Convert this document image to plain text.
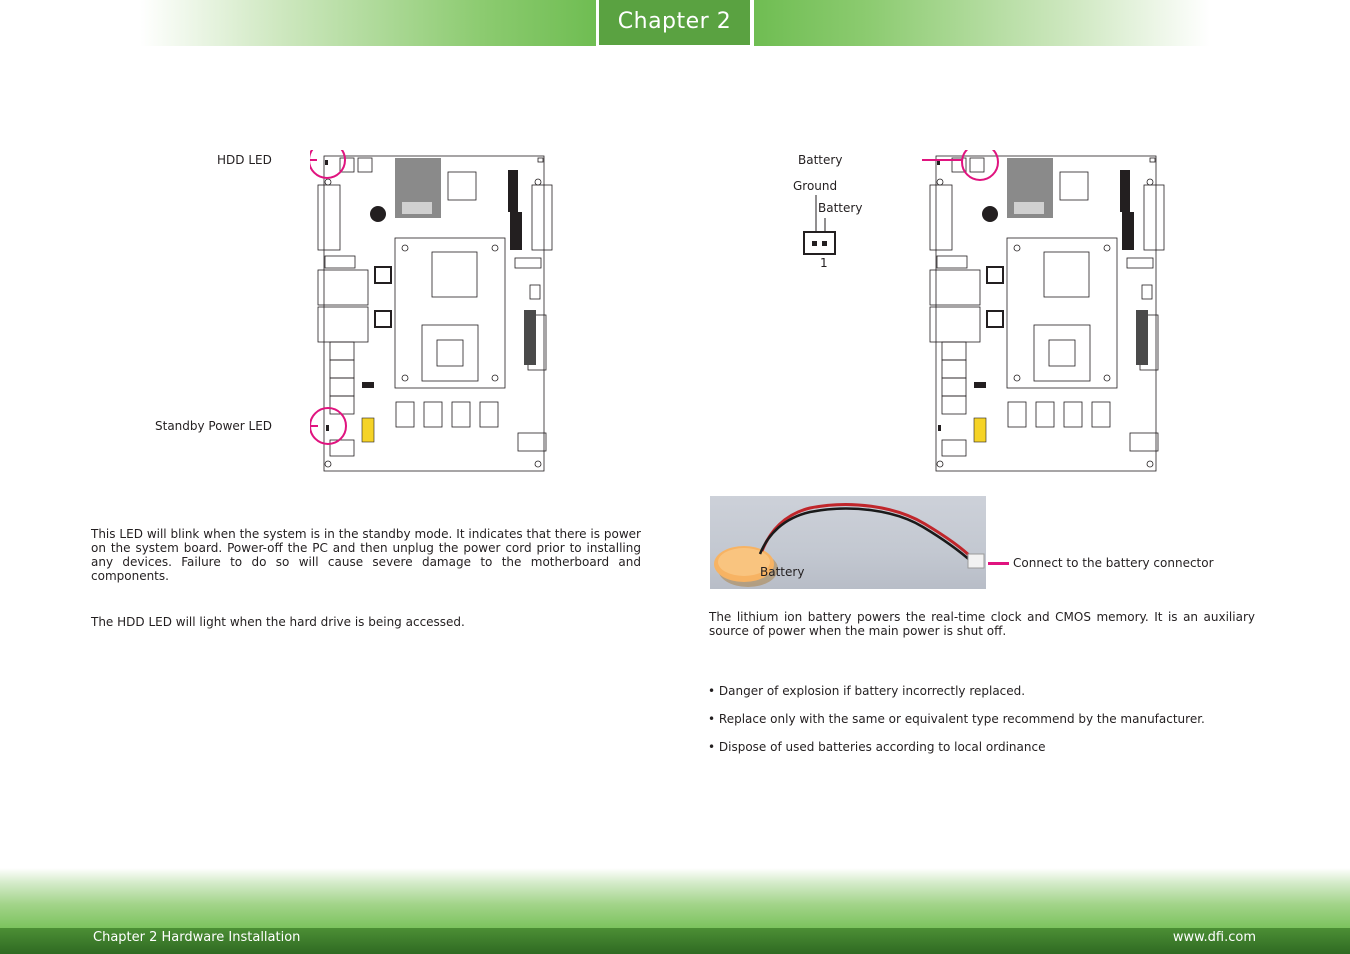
Chapter 2
HDD LED
Standby Power LED
Battery
Ground
Battery
1
This LED will blink when the system is in the standby mode. It indicates that there is power on the system board. Power-off the PC and then unplug the power cord prior to installing any devices. Failure to do so will cause severe damage to the motherboard and components.
The HDD LED will light when the hard drive is being accessed.
Battery
Connect to the battery connector
The lithium ion battery powers the real-time clock and CMOS memory. It is an auxiliary source of power when the main power is shut off.
• Danger of explosion if battery incorrectly replaced.
• Replace only with the same or equivalent type recommend by the manufacturer.
• Dispose of used batteries according to local ordinance
Chapter 2 Hardware Installation	www.dfi.com
